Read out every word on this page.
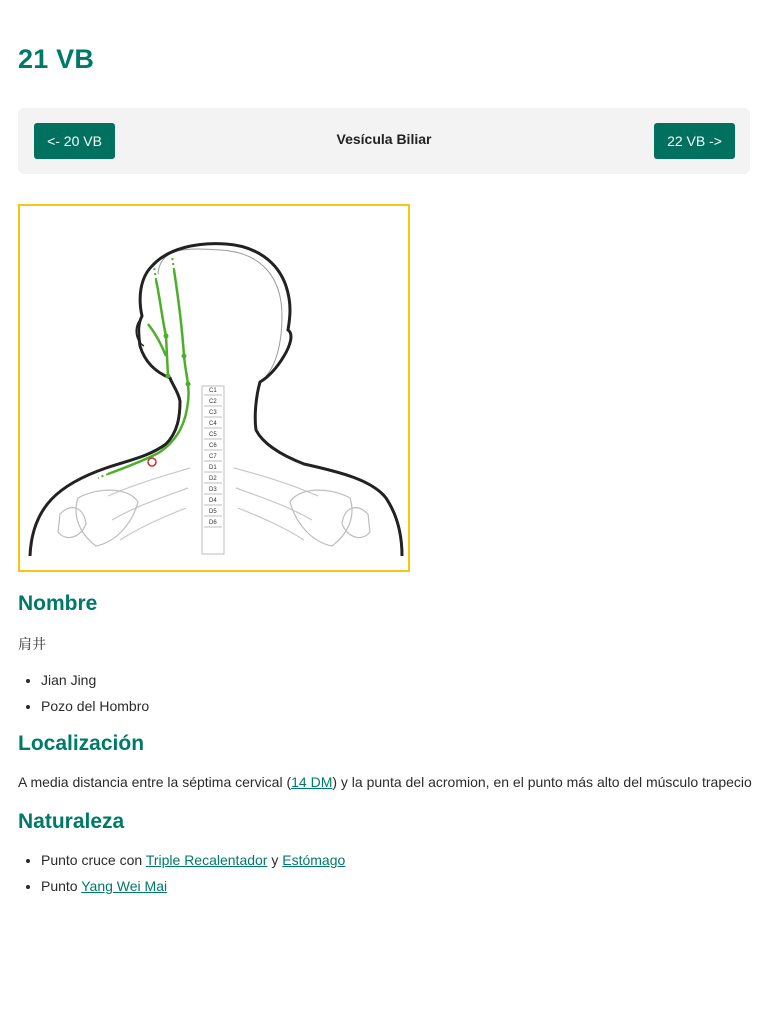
21 VB
<- 20 VB	Vesícula Biliar	22 VB ->
C1
C2
C3
C4
C5
C6
C7
D1
D2
D3
D4
D5
D6
Nombre

肩井

• Jian Jing
• Pozo del Hombro
Localización

A media distancia entre la séptima cervical (14 DM) y la punta del acromion, en el punto más alto del músculo trapecio

Naturaleza
• Punto cruce con Triple Recalentador y Estómago
• Punto Yang Wei Mai
